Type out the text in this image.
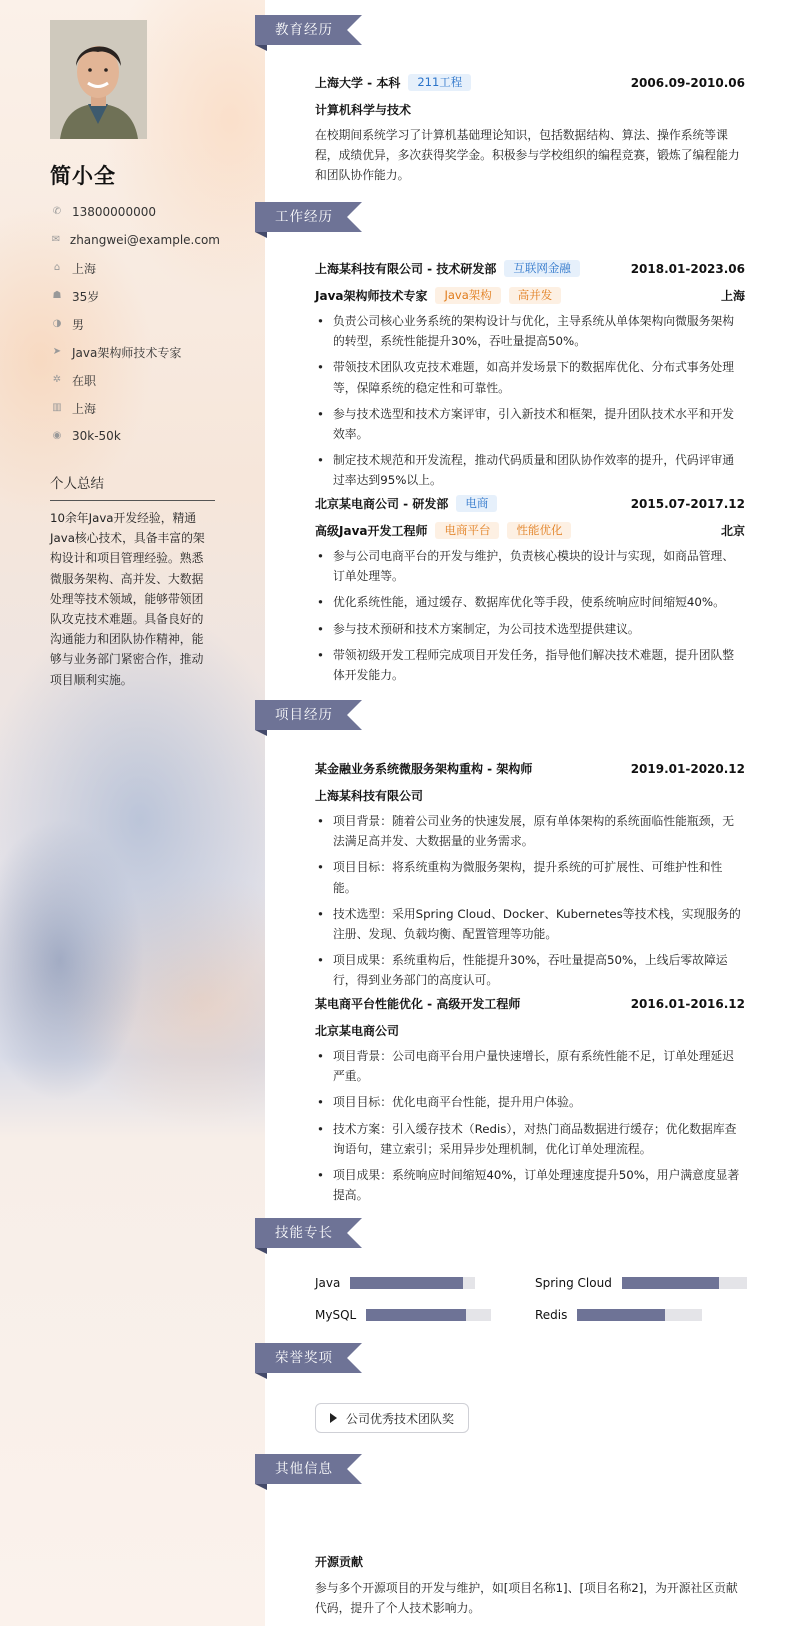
简小全
✆ 13800000000
✉ zhangwei@example.com
⌂ 上海
☗ 35岁
◑ 男
➤ Java架构师技术专家
✲ 在职
▥ 上海
◉ 30k-50k
个人总结
10余年Java开发经验，精通Java核心技术，具备丰富的架构设计和项目管理经验。熟悉微服务架构、高并发、大数据处理等技术领域，能够带领团队攻克技术难题。具备良好的沟通能力和团队协作精神，能够与业务部门紧密合作，推动项目顺利实施。
教育经历
上海大学 - 本科	211工程	2006.09-2010.06
计算机科学与技术
在校期间系统学习了计算机基础理论知识，包括数据结构、算法、操作系统等课程，成绩优异，多次获得奖学金。积极参与学校组织的编程竞赛，锻炼了编程能力和团队协作能力。
工作经历
上海某科技有限公司 - 技术研发部	互联网金融	2018.01-2023.06
Java架构师技术专家	Java架构	高并发	上海
• 负责公司核心业务系统的架构设计与优化，主导系统从单体架构向微服务架构的转型，系统性能提升30%，吞吐量提高50%。
• 带领技术团队攻克技术难题，如高并发场景下的数据库优化、分布式事务处理等，保障系统的稳定性和可靠性。
• 参与技术选型和技术方案评审，引入新技术和框架，提升团队技术水平和开发效率。
• 制定技术规范和开发流程，推动代码质量和团队协作效率的提升，代码评审通过率达到95%以上。
北京某电商公司 - 研发部	电商	2015.07-2017.12
高级Java开发工程师	电商平台	性能优化	北京
• 参与公司电商平台的开发与维护，负责核心模块的设计与实现，如商品管理、订单处理等。
• 优化系统性能，通过缓存、数据库优化等手段，使系统响应时间缩短40%。
• 参与技术预研和技术方案制定，为公司技术选型提供建议。
• 带领初级开发工程师完成项目开发任务，指导他们解决技术难题，提升团队整体开发能力。
项目经历
某金融业务系统微服务架构重构 - 架构师	2019.01-2020.12
上海某科技有限公司
• 项目背景：随着公司业务的快速发展，原有单体架构的系统面临性能瓶颈，无法满足高并发、大数据量的业务需求。
• 项目目标：将系统重构为微服务架构，提升系统的可扩展性、可维护性和性能。
• 技术选型：采用Spring Cloud、Docker、Kubernetes等技术栈，实现服务的注册、发现、负载均衡、配置管理等功能。
• 项目成果：系统重构后，性能提升30%，吞吐量提高50%，上线后零故障运行，得到业务部门的高度认可。
某电商平台性能优化 - 高级开发工程师	2016.01-2016.12
北京某电商公司
• 项目背景：公司电商平台用户量快速增长，原有系统性能不足，订单处理延迟严重。
• 项目目标：优化电商平台性能，提升用户体验。
• 技术方案：引入缓存技术（Redis），对热门商品数据进行缓存；优化数据库查询语句，建立索引；采用异步处理机制，优化订单处理流程。
• 项目成果：系统响应时间缩短40%，订单处理速度提升50%，用户满意度显著提高。
技能专长
Java	Spring Cloud
MySQL	Redis
荣誉奖项
公司优秀技术团队奖
其他信息
开源贡献
参与多个开源项目的开发与维护，如[项目名称1]、[项目名称2]，为开源社区贡献代码，提升了个人技术影响力。
